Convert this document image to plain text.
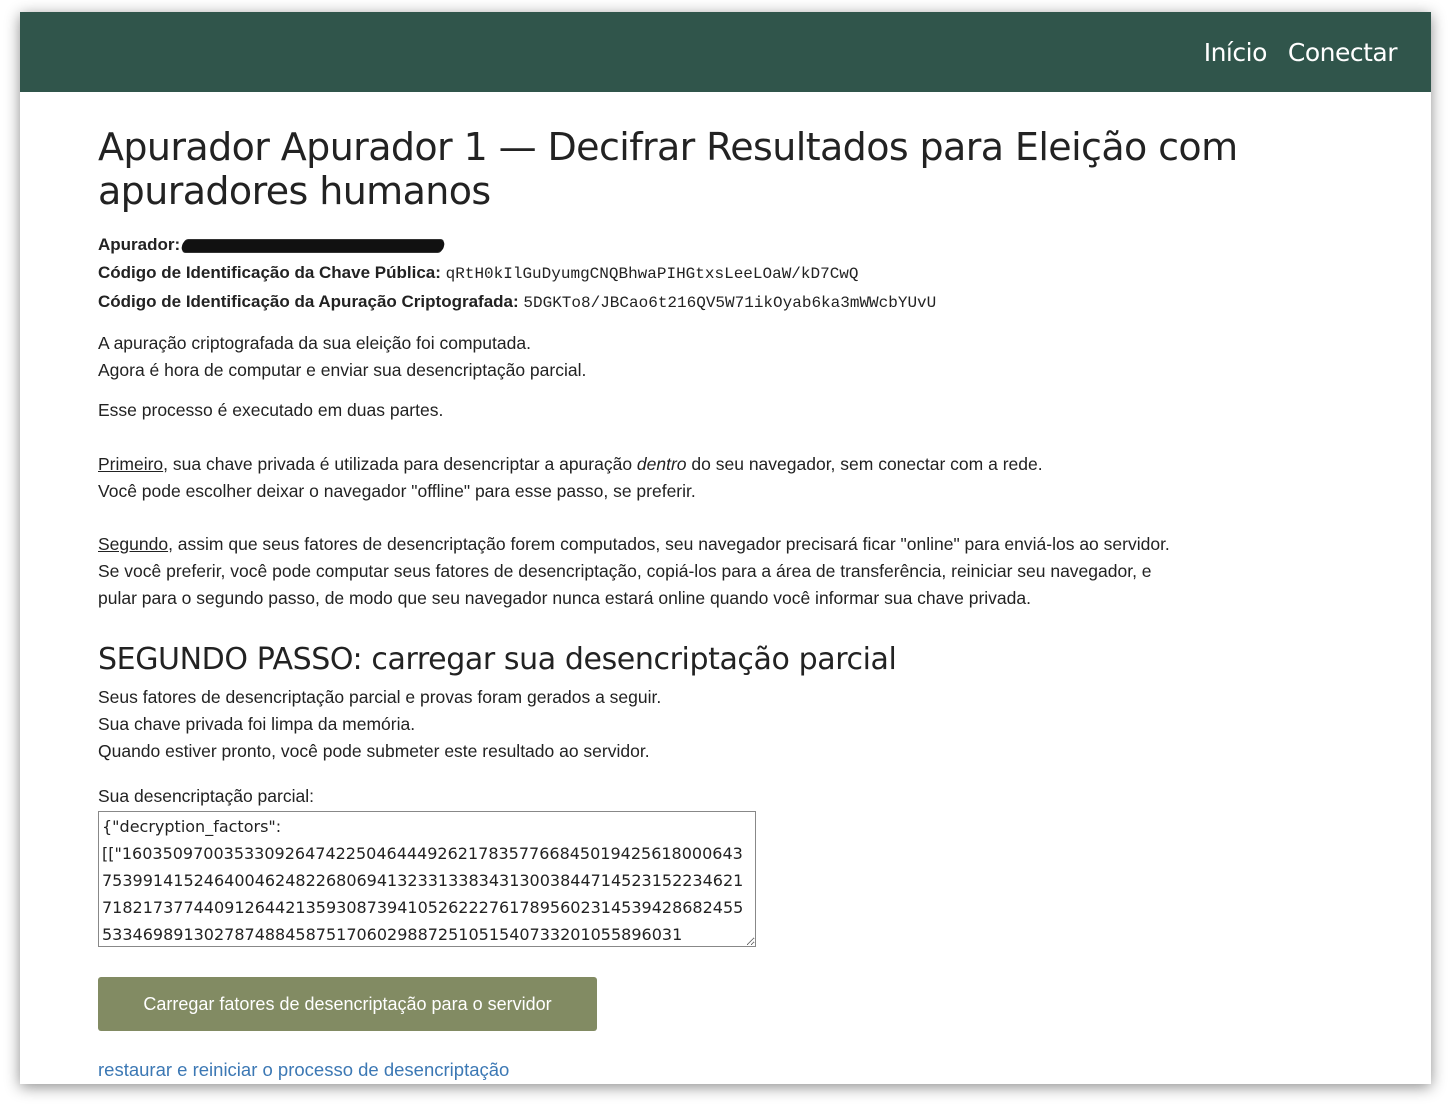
Início Conectar
Apurador Apurador 1 — Decifrar Resultados para Eleição com apuradores humanos
Apurador:
Código de Identificação da Chave Pública: qRtH0kIlGuDyumgCNQBhwaPIHGtxsLeeLOaW/kD7CwQ
Código de Identificação da Apuração Criptografada: 5DGKTo8/JBCao6t216QV5W71ikOyab6ka3mWWcbYUvU

A apuração criptografada da sua eleição foi computada.

Agora é hora de computar e enviar sua desencriptação parcial.

Esse processo é executado em duas partes.

Primeiro, sua chave privada é utilizada para desencriptar a apuração dentro do seu navegador, sem conectar com a rede.

Você pode escolher deixar o navegador "offline" para esse passo, se preferir.

Segundo, assim que seus fatores de desencriptação forem computados, seu navegador precisará ficar "online" para enviá-los ao servidor.

Se você preferir, você pode computar seus fatores de desencriptação, copiá-los para a área de transferência, reiniciar seu navegador, e

pular para o segundo passo, de modo que seu navegador nunca estará online quando você informar sua chave privada.

SEGUNDO PASSO: carregar sua desencriptação parcial

Seus fatores de desencriptação parcial e provas foram gerados a seguir.

Sua chave privada foi limpa da memória.

Quando estiver pronto, você pode submeter este resultado ao servidor.

Sua desencriptação parcial:
{"decryption_factors": [["1603509700353309264742250464449262178357766845019425618000643753991415246400462482268069413233133834313003844714523152234621718217377440912644213593087394105262227617895602314539428682455533469891302787488458751706029887251051540733201055896031
Carregar fatores de desencriptação para o servidor
restaurar e reiniciar o processo de desencriptação
